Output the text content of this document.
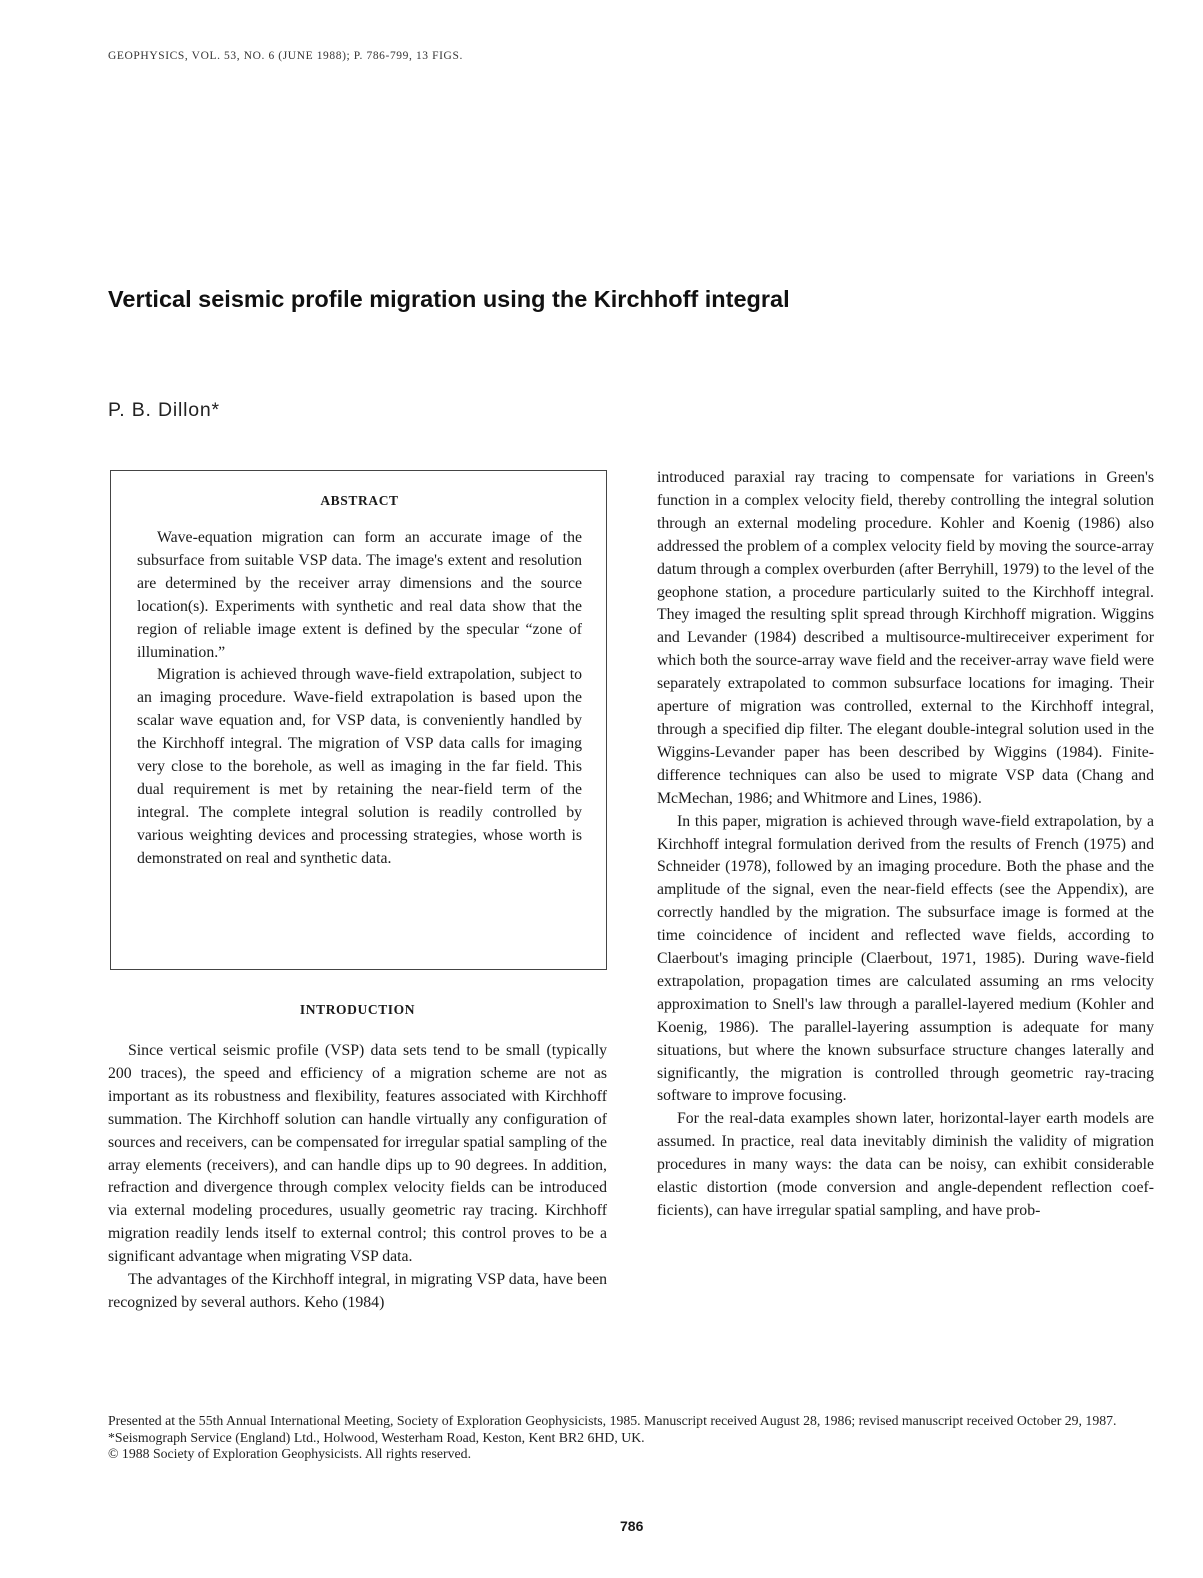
GEOPHYSICS, VOL. 53, NO. 6 (JUNE 1988); P. 786-799, 13 FIGS.
Vertical seismic profile migration using the Kirchhoff integral
P. B. Dillon*
ABSTRACT

Wave-equation migration can form an accurate image of the subsurface from suitable VSP data. The image's extent and resolution are determined by the receiver array dimensions and the source location(s). Experiments with synthetic and real data show that the region of reliable image extent is defined by the specular “zone of illumination.”

Migration is achieved through wave-field extrapolation, subject to an imaging procedure. Wave-field extrapolation is based upon the scalar wave equation and, for VSP data, is conveniently handled by the Kirchhoff integral. The migration of VSP data calls for imaging very close to the borehole, as well as imaging in the far field. This dual requirement is met by retaining the near-field term of the integral. The complete integral solution is readily controlled by various weighting devices and processing strategies, whose worth is demonstrated on real and synthetic data.

INTRODUCTION

Since vertical seismic profile (VSP) data sets tend to be small (typically 200 traces), the speed and efficiency of a migration scheme are not as important as its robustness and flexibility, features associated with Kirchhoff summation. The Kirchhoff solution can handle virtually any configuration of sources and receivers, can be compensated for irregular spatial sampling of the array elements (receivers), and can handle dips up to 90 degrees. In addition, refraction and divergence through complex velocity fields can be introduced via external modeling procedures, usually geometric ray tracing. Kirchhoff migration readily lends itself to external control; this control proves to be a significant advantage when migrating VSP data.

The advantages of the Kirchhoff integral, in migrating VSP data, have been recognized by several authors. Keho (1984)

introduced paraxial ray tracing to compensate for variations in Green's function in a complex velocity field, thereby controlling the integral solution through an external modeling procedure. Kohler and Koenig (1986) also addressed the problem of a complex velocity field by moving the source-array datum through a complex overburden (after Berryhill, 1979) to the level of the geophone station, a procedure particularly suited to the Kirchhoff integral. They imaged the resulting split spread through Kirchhoff migration. Wiggins and Levander (1984) described a multisource-multireceiver experiment for which both the source-array wave field and the receiver-array wave field were separately extrapolated to common subsurface locations for imaging. Their aperture of migration was controlled, external to the Kirchhoff integral, through a specified dip filter. The elegant double-integral solution used in the Wiggins-Levander paper has been described by Wiggins (1984). Finite-difference techniques can also be used to migrate VSP data (Chang and McMechan, 1986; and Whitmore and Lines, 1986).

In this paper, migration is achieved through wave-field extrapolation, by a Kirchhoff integral formulation derived from the results of French (1975) and Schneider (1978), followed by an imaging procedure. Both the phase and the amplitude of the signal, even the near-field effects (see the Appendix), are correctly handled by the migration. The subsurface image is formed at the time coincidence of incident and reflected wave fields, according to Claerbout's imaging principle (Claerbout, 1971, 1985). During wave-field extrapolation, propagation times are calculated assuming an rms velocity approximation to Snell's law through a parallel-layered medium (Kohler and Koenig, 1986). The parallel-layering assumption is adequate for many situations, but where the known subsurface structure changes laterally and significantly, the migration is controlled through geometric ray-tracing software to improve focusing.

For the real-data examples shown later, horizontal-layer earth models are assumed. In practice, real data inevitably diminish the validity of migration procedures in many ways: the data can be noisy, can exhibit considerable elastic distortion (mode conversion and angle-dependent reflection coefficients), can have irregular spatial sampling, and have prob-

Presented at the 55th Annual International Meeting, Society of Exploration Geophysicists, 1985. Manuscript received August 28, 1986; revised manuscript received October 29, 1987.

*Seismograph Service (England) Ltd., Holwood, Westerham Road, Keston, Kent BR2 6HD, UK.

© 1988 Society of Exploration Geophysicists. All rights reserved.

786
